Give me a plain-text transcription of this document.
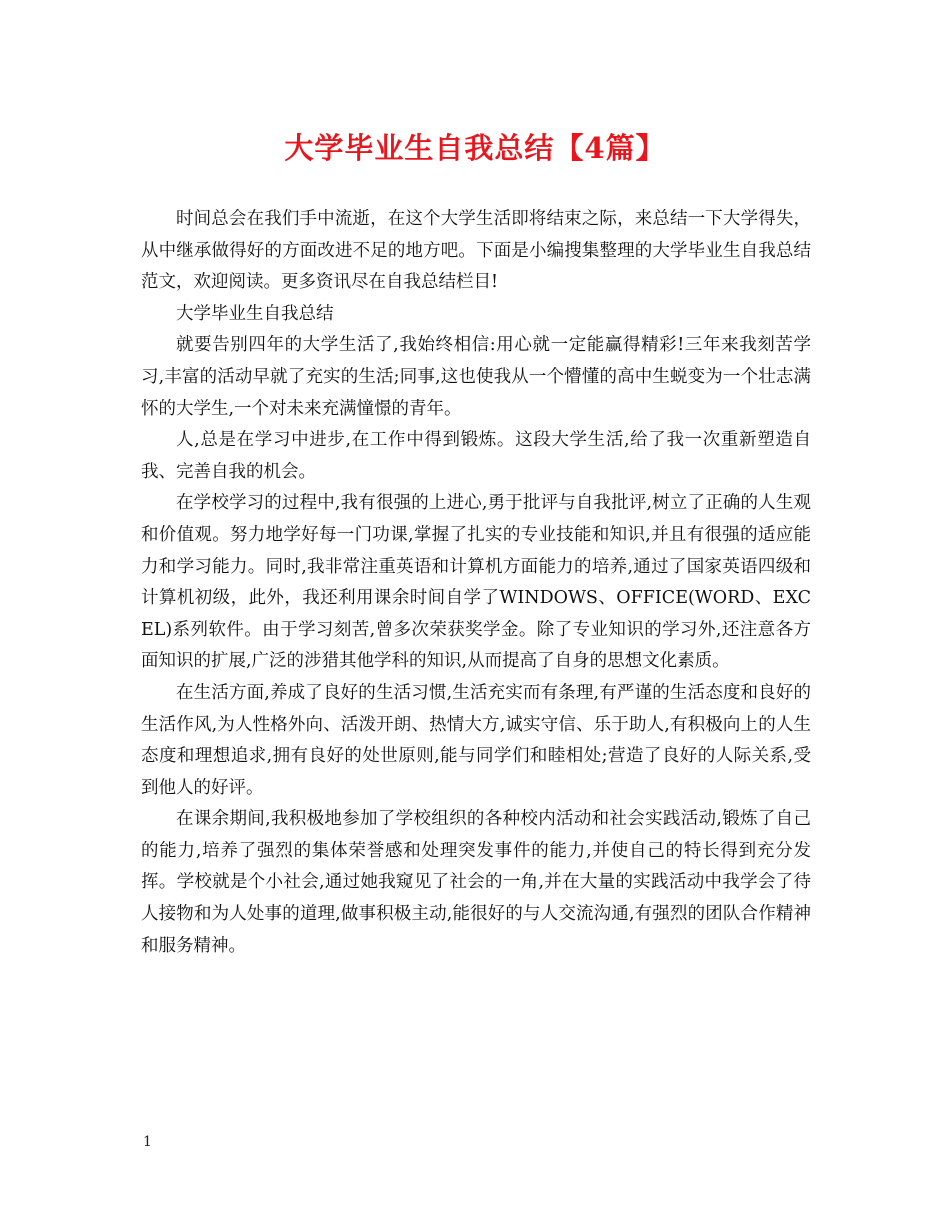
大学毕业生自我总结【4篇】

时间总会在我们手中流逝，在这个大学生活即将结束之际，来总结一下大学得失，从中继承做得好的方面改进不足的地方吧。下面是小编搜集整理的大学毕业生自我总结范文，欢迎阅读。更多资讯尽在自我总结栏目!

大学毕业生自我总结

就要告别四年的大学生活了,我始终相信:用心就一定能赢得精彩!三年来我刻苦学习,丰富的活动早就了充实的生活;同事,这也使我从一个懵懂的高中生蜕变为一个壮志满怀的大学生,一个对未来充满憧憬的青年。

人,总是在学习中进步,在工作中得到锻炼。这段大学生活,给了我一次重新塑造自我、完善自我的机会。

在学校学习的过程中,我有很强的上进心,勇于批评与自我批评,树立了正确的人生观和价值观。努力地学好每一门功课,掌握了扎实的专业技能和知识,并且有很强的适应能力和学习能力。同时,我非常注重英语和计算机方面能力的培养,通过了国家英语四级和计算机初级，此外，我还利用课余时间自学了WINDOWS、OFFICE(WORD、EXCEL)系列软件。由于学习刻苦,曾多次荣获奖学金。除了专业知识的学习外,还注意各方面知识的扩展,广泛的涉猎其他学科的知识,从而提高了自身的思想文化素质。

在生活方面,养成了良好的生活习惯,生活充实而有条理,有严谨的生活态度和良好的生活作风,为人性格外向、活泼开朗、热情大方,诚实守信、乐于助人,有积极向上的人生态度和理想追求,拥有良好的处世原则,能与同学们和睦相处;营造了良好的人际关系,受到他人的好评。

在课余期间,我积极地参加了学校组织的各种校内活动和社会实践活动,锻炼了自己的能力,培养了强烈的集体荣誉感和处理突发事件的能力,并使自己的特长得到充分发挥。学校就是个小社会,通过她我窥见了社会的一角,并在大量的实践活动中我学会了待人接物和为人处事的道理,做事积极主动,能很好的与人交流沟通,有强烈的团队合作精神和服务精神。

1
